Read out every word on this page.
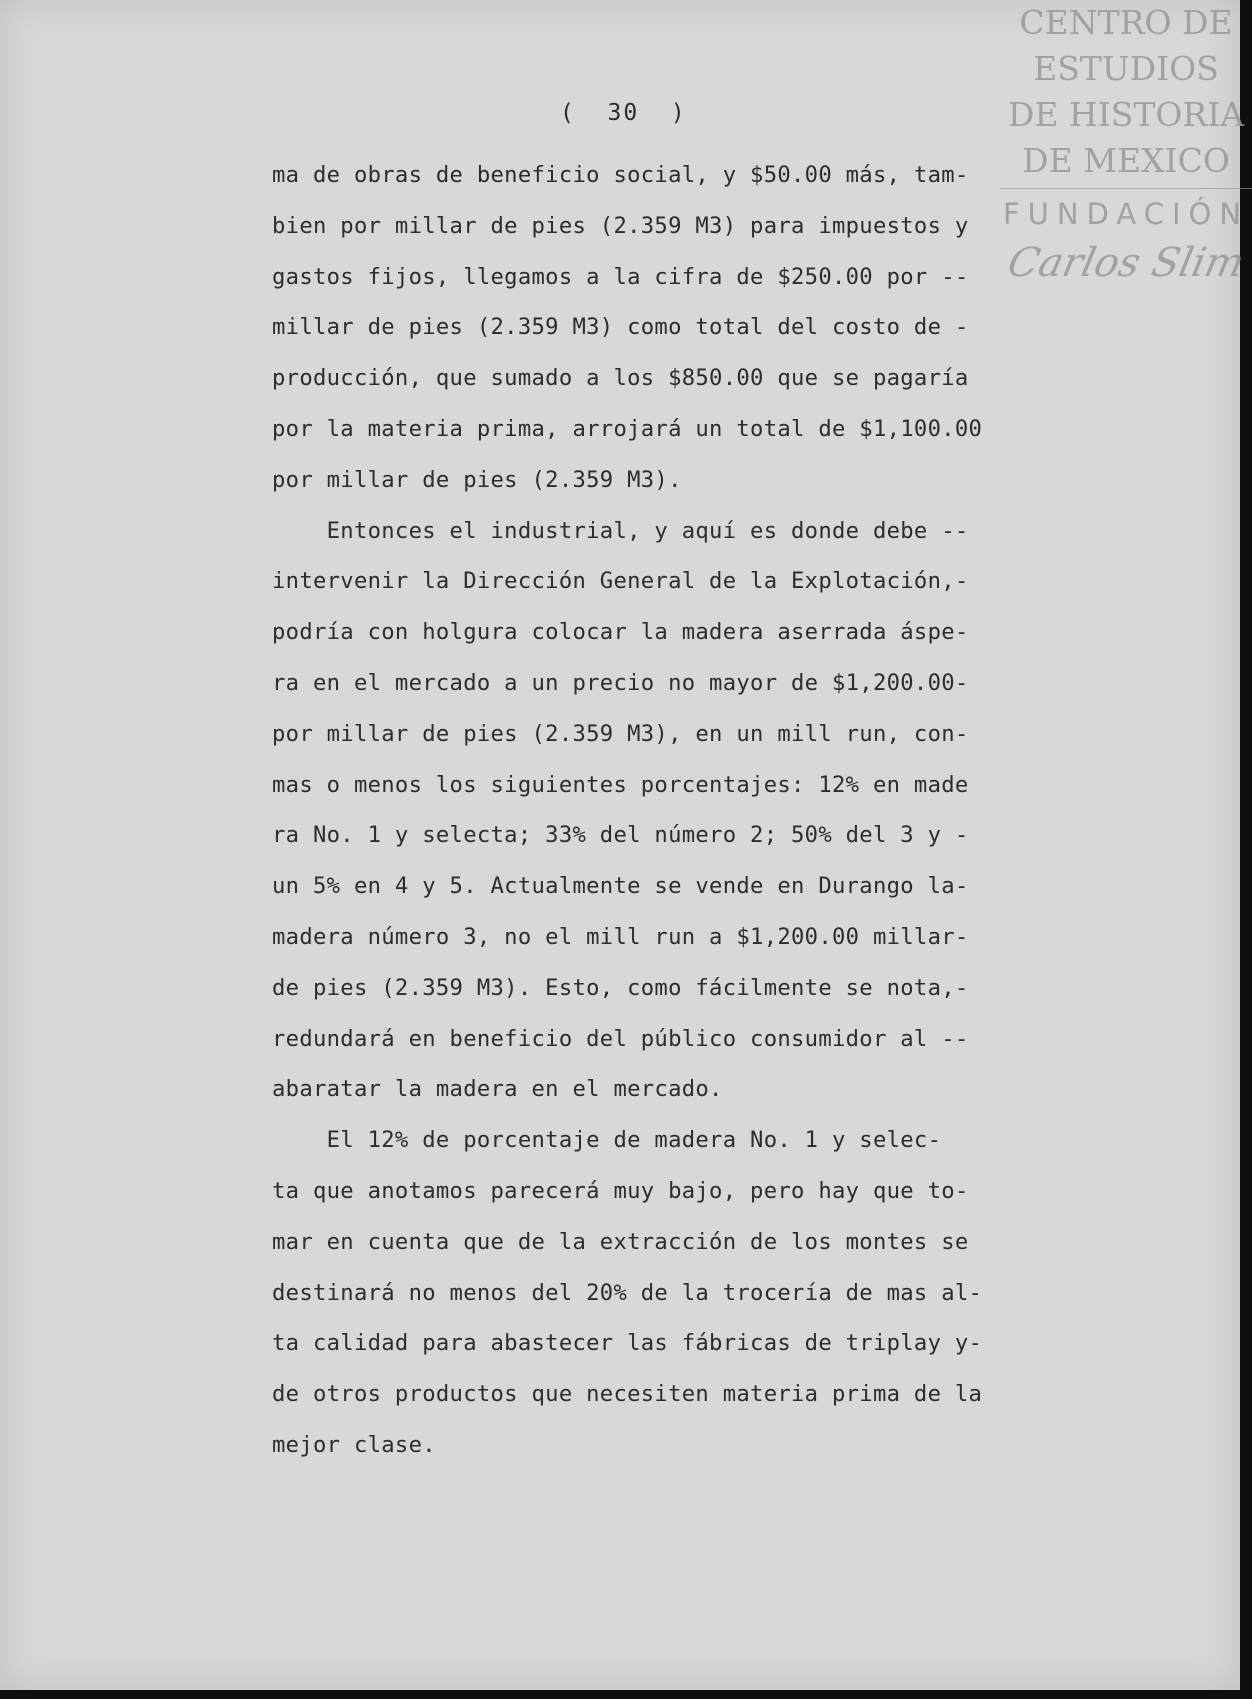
(  30  )
ma de obras de beneficio social, y $50.00 más, tam-
bien por millar de pies (2.359 M3) para impuestos y
gastos fijos, llegamos a la cifra de $250.00 por --
millar de pies (2.359 M3) como total del costo de -
producción, que sumado a los $850.00 que se pagaría
por la materia prima, arrojará un total de $1,100.00
por millar de pies (2.359 M3).
Entonces el industrial, y aquí es donde debe --
intervenir la Dirección General de la Explotación,-
podría con holgura colocar la madera aserrada áspe-
ra en el mercado a un precio no mayor de $1,200.00-
por millar de pies (2.359 M3), en un mill run, con-
mas o menos los siguientes porcentajes: 12% en made
ra No. 1 y selecta; 33% del número 2; 50% del 3 y -
un 5% en 4 y 5. Actualmente se vende en Durango la-
madera número 3, no el mill run a $1,200.00 millar-
de pies (2.359 M3). Esto, como fácilmente se nota,-
redundará en beneficio del público consumidor al --
abaratar la madera en el mercado.
El 12% de porcentaje de madera No. 1 y selec-
ta que anotamos parecerá muy bajo, pero hay que to-
mar en cuenta que de la extracción de los montes se
destinará no menos del 20% de la trocería de mas al-
ta calidad para abastecer las fábricas de triplay y-
de otros productos que necesiten materia prima de la
mejor clase.
CENTRO DE
ESTUDIOS
DE HISTORIA
DE MEXICO
FUNDACIÓN
Carlos Slim
